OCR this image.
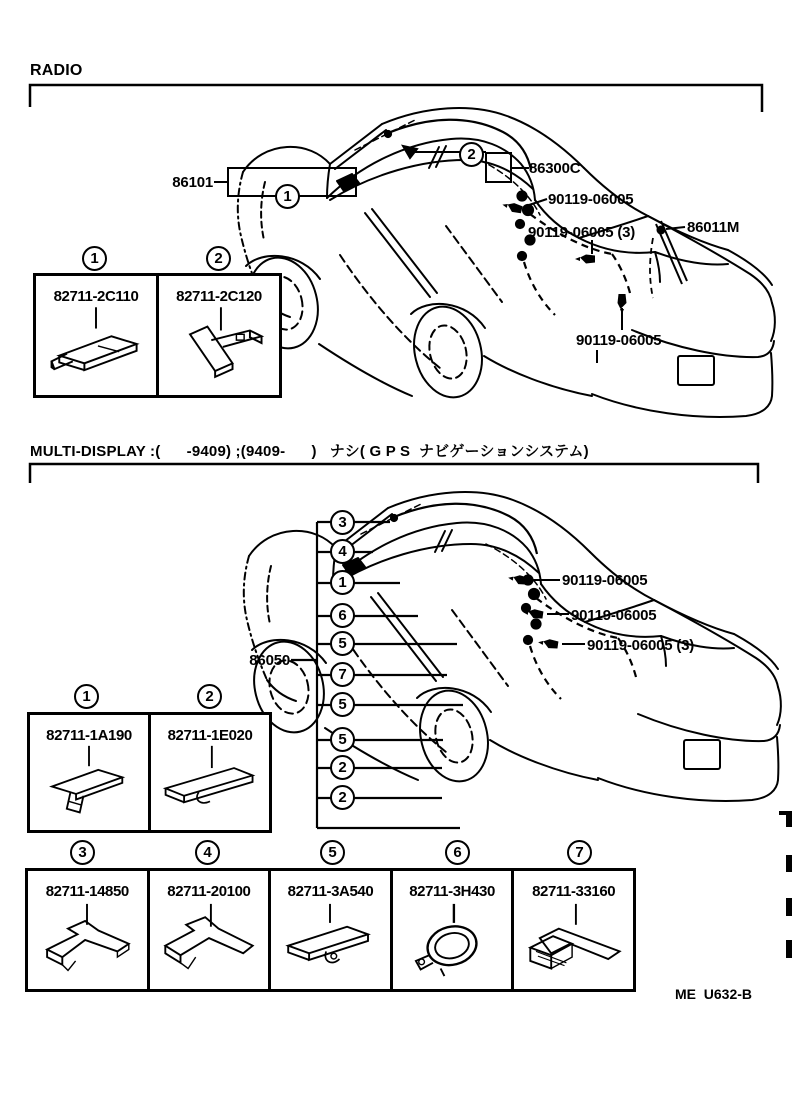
RADIO
86101
86300C
90119-06005
90119-06005 (3)	86011M
90119-06005
1
2
1	2
82711-2C110	82711-2C120
MULTI-DISPLAY :(      -9409) ;(9409-      )   ナシ( G P S  ナビゲーションシステム)
86050
90119-06005
90119-06005
90119-06005 (3)
3
4
1
6
5
7
5
5
2
2
1	2
82711-1A190 82711-1E020
3	4	5	6	7
82711-14850	82711-20100 82711-3A540 82711-3H430 82711-33160
ME  U632-B
